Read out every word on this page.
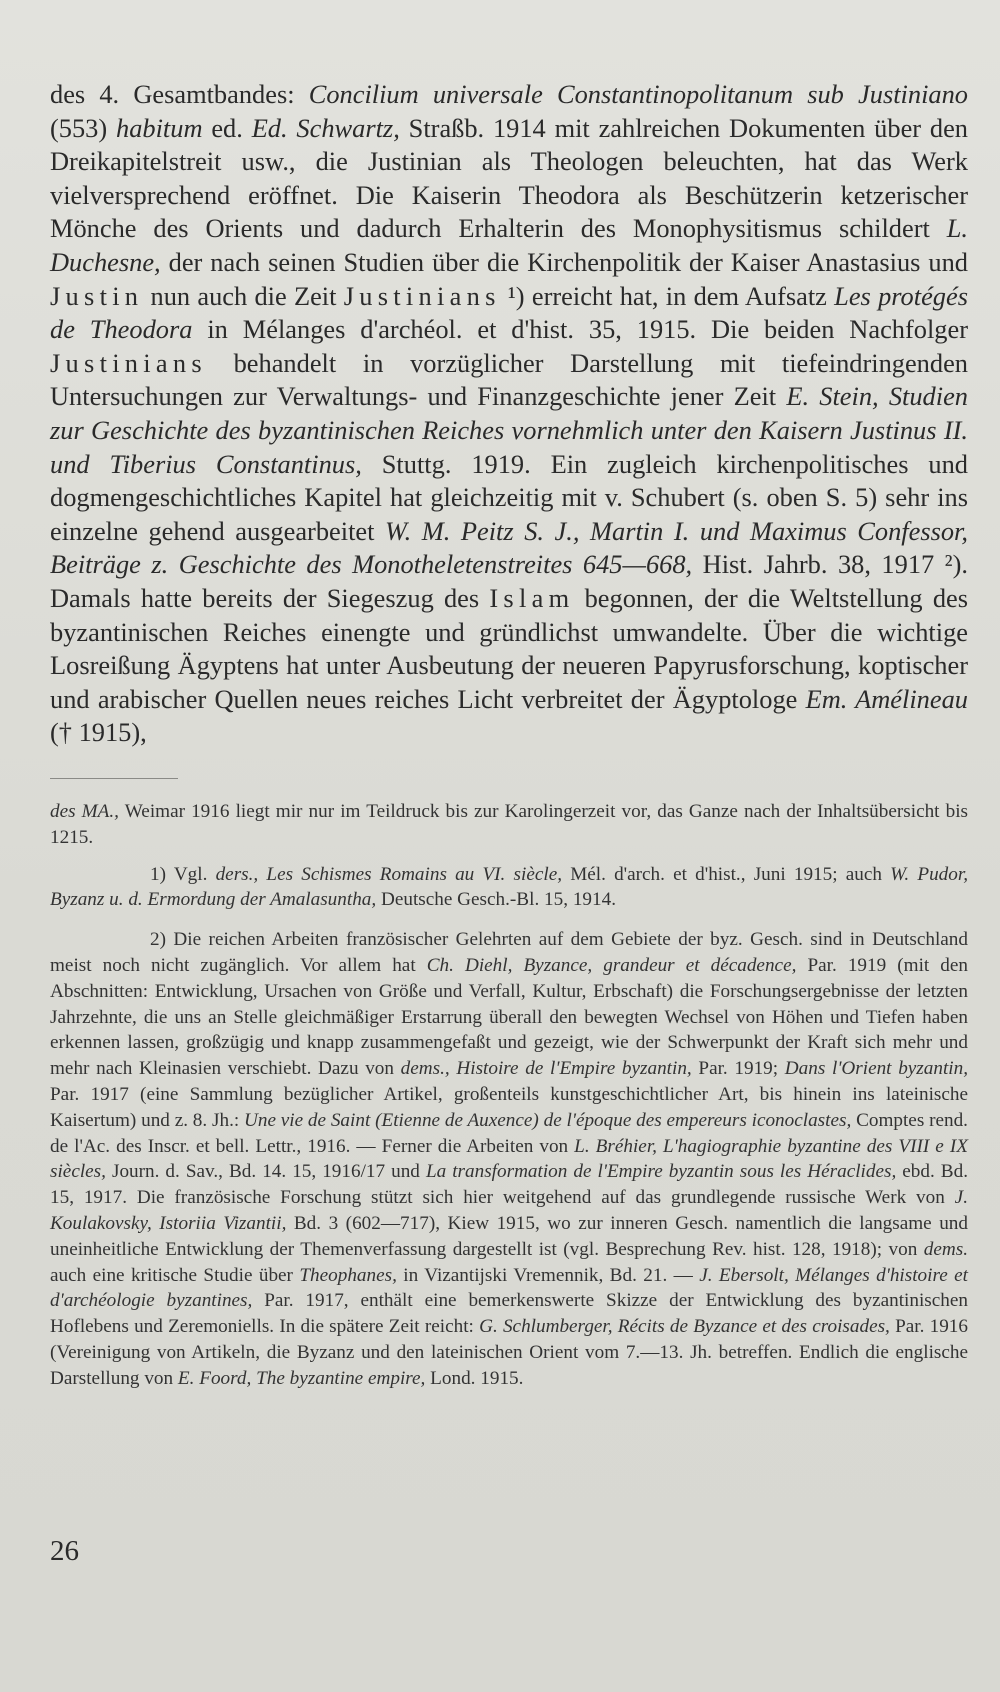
des 4. Gesamtbandes: Concilium universale Constantinopolitanum sub Justiniano (553) habitum ed. Ed. Schwartz, Straßb. 1914 mit zahlreichen Dokumenten über den Dreikapitelstreit usw., die Justinian als Theologen beleuchten, hat das Werk vielversprechend eröffnet. Die Kaiserin Theodora als Beschützerin ketzerischer Mönche des Orients und dadurch Erhalterin des Monophysitismus schildert L. Duchesne, der nach seinen Studien über die Kirchenpolitik der Kaiser Anastasius und Justin nun auch die Zeit Justinians ¹) erreicht hat, in dem Aufsatz Les protégés de Theodora in Mélanges d'archéol. et d'hist. 35, 1915. Die beiden Nachfolger Justinians behandelt in vorzüglicher Darstellung mit tiefeindringenden Untersuchungen zur Verwaltungs- und Finanzgeschichte jener Zeit E. Stein, Studien zur Geschichte des byzantinischen Reiches vornehmlich unter den Kaisern Justinus II. und Tiberius Constantinus, Stuttg. 1919. Ein zugleich kirchenpolitisches und dogmengeschichtliches Kapitel hat gleichzeitig mit v. Schubert (s. oben S. 5) sehr ins einzelne gehend ausgearbeitet W. M. Peitz S. J., Martin I. und Maximus Confessor, Beiträge z. Geschichte des Monotheletenstreites 645—668, Hist. Jahrb. 38, 1917 ²). Damals hatte bereits der Siegeszug des Islam begonnen, der die Weltstellung des byzantinischen Reiches einengte und gründlichst umwandelte. Über die wichtige Losreißung Ägyptens hat unter Ausbeutung der neueren Papyrusforschung, koptischer und arabischer Quellen neues reiches Licht verbreitet der Ägyptologe Em. Amélineau († 1915),

des MA., Weimar 1916 liegt mir nur im Teildruck bis zur Karolingerzeit vor, das Ganze nach der Inhaltsübersicht bis 1215.

1) Vgl. ders., Les Schismes Romains au VI. siècle, Mél. d'arch. et d'hist., Juni 1915; auch W. Pudor, Byzanz u. d. Ermordung der Amalasuntha, Deutsche Gesch.-Bl. 15, 1914.

2) Die reichen Arbeiten französischer Gelehrten auf dem Gebiete der byz. Gesch. sind in Deutschland meist noch nicht zugänglich. Vor allem hat Ch. Diehl, Byzance, grandeur et décadence, Par. 1919 (mit den Abschnitten: Entwicklung, Ursachen von Größe und Verfall, Kultur, Erbschaft) die Forschungsergebnisse der letzten Jahrzehnte, die uns an Stelle gleichmäßiger Erstarrung überall den bewegten Wechsel von Höhen und Tiefen haben erkennen lassen, großzügig und knapp zusammengefaßt und gezeigt, wie der Schwerpunkt der Kraft sich mehr und mehr nach Kleinasien verschiebt. Dazu von dems., Histoire de l'Empire byzantin, Par. 1919; Dans l'Orient byzantin, Par. 1917 (eine Sammlung bezüglicher Artikel, großenteils kunstgeschichtlicher Art, bis hinein ins lateinische Kaisertum) und z. 8. Jh.: Une vie de Saint (Etienne de Auxence) de l'époque des empereurs iconoclastes, Comptes rend. de l'Ac. des Inscr. et bell. Lettr., 1916. — Ferner die Arbeiten von L. Bréhier, L'hagiographie byzantine des VIII e IX siècles, Journ. d. Sav., Bd. 14. 15, 1916/17 und La transformation de l'Empire byzantin sous les Héraclides, ebd. Bd. 15, 1917. Die französische Forschung stützt sich hier weitgehend auf das grundlegende russische Werk von J. Koulakovsky, Istoriia Vizantii, Bd. 3 (602—717), Kiew 1915, wo zur inneren Gesch. namentlich die langsame und uneinheitliche Entwicklung der Themenverfassung dargestellt ist (vgl. Besprechung Rev. hist. 128, 1918); von dems. auch eine kritische Studie über Theophanes, in Vizantijski Vremennik, Bd. 21. — J. Ebersolt, Mélanges d'histoire et d'archéologie byzantines, Par. 1917, enthält eine bemerkenswerte Skizze der Entwicklung des byzantinischen Hoflebens und Zeremoniells. In die spätere Zeit reicht: G. Schlumberger, Récits de Byzance et des croisades, Par. 1916 (Vereinigung von Artikeln, die Byzanz und den lateinischen Orient vom 7.—13. Jh. betreffen. Endlich die englische Darstellung von E. Foord, The byzantine empire, Lond. 1915.

26
